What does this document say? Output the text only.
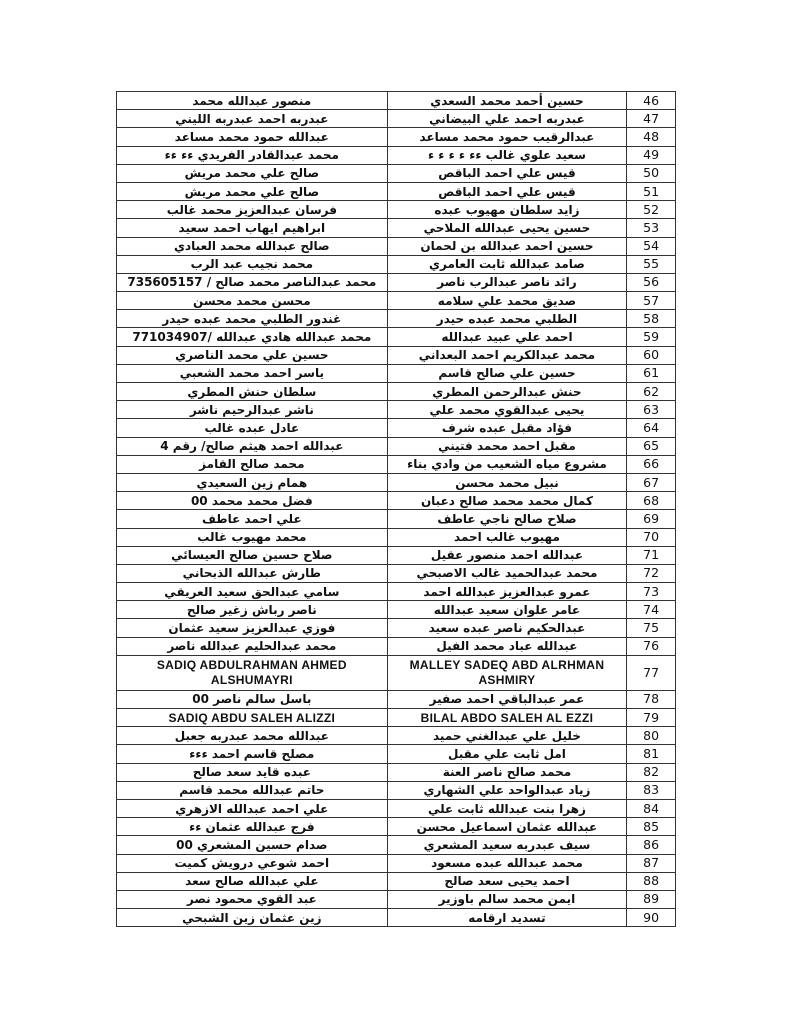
​
منصور عبدالله محمد	حسين أحمد محمد السعدي	46
عبدربه احمد عبدربه الليني	عبدربه احمد علي البيضاني	47
عبدالله حمود محمد مساعد	عبدالرقيب حمود محمد مساعد	48
محمد عبدالقادر الفريدي ءء ءء	سعيد علوي غالب ءء ء ء ء ء	49
صالح علي محمد مريش	قيس علي احمد الباقص	50
صالح علي محمد مريش	قيس علي احمد الباقص	51
فرسان عبدالعزيز محمد غالب	زايد سلطان مهيوب عبده	52
ابراهيم ايهاب احمد سعيد	حسين يحيى عبدالله الملاحي	53
صالح عبدالله محمد العبادي	حسين احمد عبدالله بن لحمان	54
محمد نجيب عبد الرب	صامد عبدالله ثابت العامري	55
محمد عبدالناصر محمد صالح / 735605157	رائد ناصر عبدالرب ناصر	56
محسن محمد محسن	صديق محمد علي سلامه	57
غندور الطلبي محمد عبده حيدر	الطلبي محمد عبده حيدر	58
محمد عبدالله هادي عبدالله /771034907	احمد علي عبيد عبدالله	59
حسين علي محمد الناصري	محمد عبدالكريم احمد البعداني	60
ياسر احمد محمد الشعبي	حسين علي صالح قاسم	61
سلطان حنش المطري	حنش عبدالرحمن المطري	62
ناشر عبدالرحيم ناشر	يحيى عبدالقوي محمد علي	63
عادل عبده غالب	فؤاد مقبل عبده شرف	64
عبدالله احمد هيثم صالح/ رقم 4	مقبل احمد محمد فتيني	65
محمد صالح القامز	مشروع مياه الشعيب من وادي بناء	66
همام زين السعيدي	نبيل محمد محسن	67
فضل محمد محمد 00	كمال محمد محمد صالح دعبان	68
علي احمد عاطف	صلاح صالح ناجي عاطف	69
محمد مهيوب غالب	مهيوب غالب احمد	70
صلاح حسين صالح العيسائي	عبدالله احمد منصور عقيل	71
طارش عبدالله الذبحاني	محمد عبدالحميد غالب الاصبحي	72
سامي عبدالحق سعيد العريقي	عمرو عبدالعزيز عبدالله احمد	73
ناصر رباش زغير صالح	عامر علوان سعيد عبدالله	74
فوزي عبدالعزيز سعيد عثمان	عبدالحكيم ناصر عبده سعيد	75
محمد عبدالحليم عبدالله ناصر	عبدالله عباد محمد الفيل	76
SADIQ ABDULRAHMAN AHMED ALSHUMAYRI	MALLEY SADEQ ABD ALRHMAN ASHMIRY	77
باسل سالم ناصر 00	عمر عبدالباقي احمد صفير	78
SADIQ ABDU SALEH ALIZZI	BILAL ABDO SALEH AL EZZI	79
عبدالله محمد عبدربه جعبل	خليل علي عبدالغني حميد	80
مصلح قاسم احمد ءءء	امل ثابت علي مقبل	81
عبده قايد سعد صالح	محمد صالح ناصر العنة	82
حاتم عبدالله محمد قاسم	زياد عبدالواحد علي الشهاري	83
علي احمد عبدالله الازهري	زهرا بنت عبدالله ثابت علي	84
فرج عبدالله عثمان ءء	عبدالله عثمان اسماعيل محسن	85
صدام حسين المشعري 00	سيف عبدربه سعيد المشعري	86
احمد شوعي درويش كميت	محمد عبدالله عبده مسعود	87
علي عبدالله صالح سعد	احمد يحيى سعد صالح	88
عبد القوي محمود نصر	ايمن محمد سالم باوزير	89
زين عثمان زين الشبحي	تسديد ارقامه	90
